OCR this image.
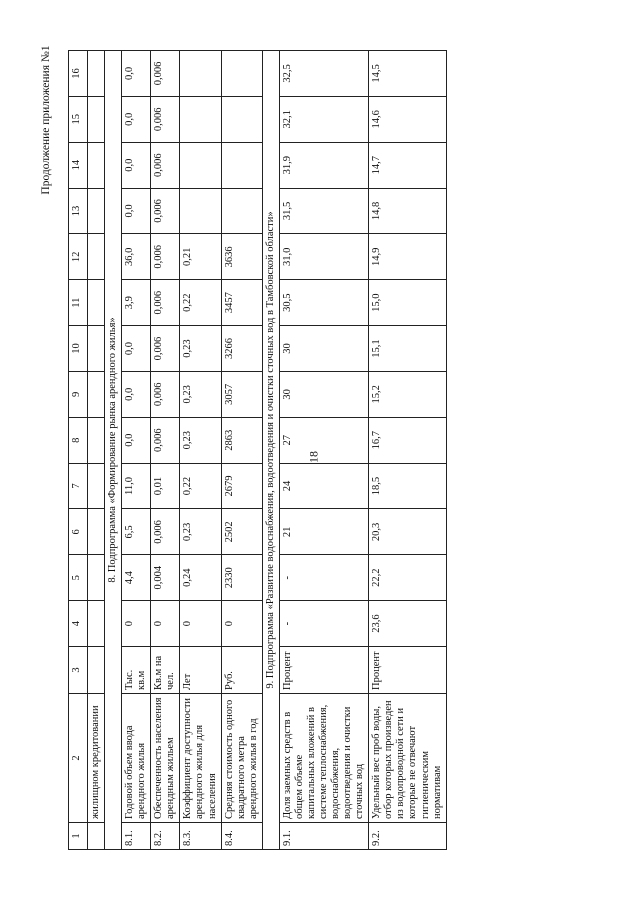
18
Продолжение приложения №1
1	2	3	4	5	6	7	8	9	10	11	12	13	14	15	16
	жилищном кредитовании														
8. Подпрограмма «Формирование рынка арендного жилья»															
8.1.	Годовой объем ввода арендного жилья	Тыс. кв.м	0	4,4	6,5	11,0	0,0	0,0	0,0	3,9	36,0	0,0	0,0	0,0	0,0
8.2.	Обеспеченность населения арендным жильем	Кв.м на чел.	0	0,004	0,006	0,01	0,006	0,006	0,006	0,006	0,006	0,006	0,006	0,006	0,006
8.3.	Коэффициент доступности арендного жилья для населения	Лет	0	0,24	0,23	0,22	0,23	0,23	0,23	0,22	0,21				
8.4.	Средняя стоимость одного квадратного метра арендного жилья в год	Руб.	0	2330	2502	2679	2863	3057	3266	3457	3636				
9. Подпрограмма «Развитие водоснабжения, водоотведения и очистки сточных вод в Тамбовской области»															
9.1.	Доля заемных средств в общем объеме капитальных вложений в системе теплоснабжения, водоснабжения, водоотведения и очистки сточных вод	Процент	-	-	21	24	27	30	30	30,5	31,0	31,5	31,9	32,1	32,5
9.2.	Удельный вес проб воды, отбор которых произведен из водопроводной сети и которые не отвечают гигиеническим нормативам	Процент	23,6	22,2	20,3	18,5	16,7	15,2	15,1	15,0	14,9	14,8	14,7	14,6	14,5
